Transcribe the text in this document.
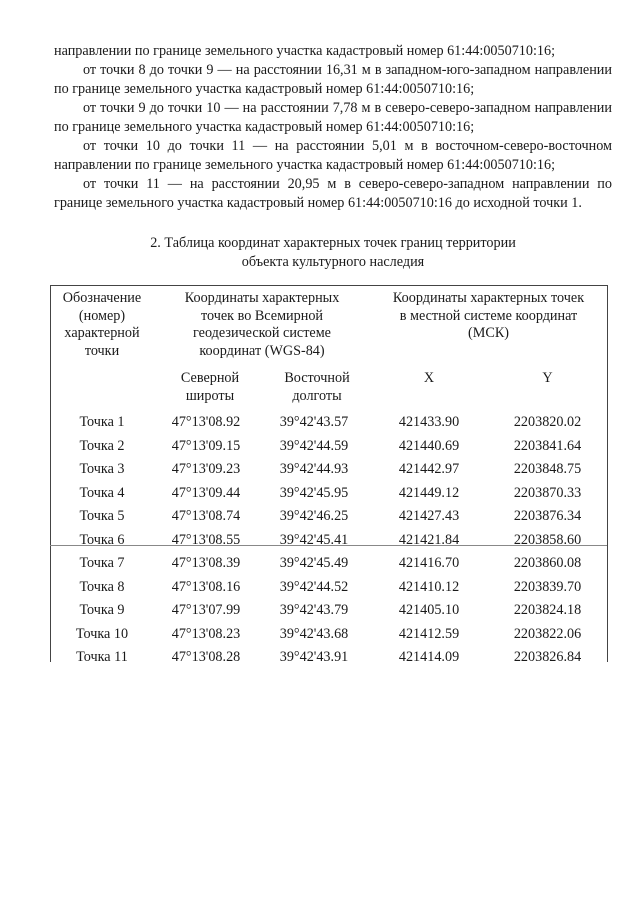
направлении по границе земельного участка кадастровый номер 61:44:0050710:16;

от точки 8 до точки 9 — на расстоянии 16,31 м в западном-юго-западном направлении по границе земельного участка кадастровый номер 61:44:0050710:16;

от точки 9 до точки 10 — на расстоянии 7,78 м в северо-северо-западном направлении по границе земельного участка кадастровый номер 61:44:0050710:16;

от точки 10 до точки 11 — на расстоянии 5,01 м в восточном-северо-восточном направлении по границе земельного участка кадастровый номер 61:44:0050710:16;

от точки 11 — на расстоянии 20,95 м в северо-северо-западном направлении по границе земельного участка кадастровый номер 61:44:0050710:16 до исходной точки 1.

2. Таблица координат характерных точек границ территории
объекта культурного наследия
Обозначение (номер) характерной точки	Координаты характерных точек во Всемирной геодезической системе координат (WGS-84)		Координаты характерных точек в местной системе координат (МСК)	
	Северной широты	Восточной долготы	X	Y
Точка 1	47°13'08.92	39°42'43.57	421433.90	2203820.02
Точка 2	47°13'09.15	39°42'44.59	421440.69	2203841.64
Точка 3	47°13'09.23	39°42'44.93	421442.97	2203848.75
Точка 4	47°13'09.44	39°42'45.95	421449.12	2203870.33
Точка 5	47°13'08.74	39°42'46.25	421427.43	2203876.34
Точка 6	47°13'08.55	39°42'45.41	421421.84	2203858.60
Точка 7	47°13'08.39	39°42'45.49	421416.70	2203860.08
Точка 8	47°13'08.16	39°42'44.52	421410.12	2203839.70
Точка 9	47°13'07.99	39°42'43.79	421405.10	2203824.18
Точка 10	47°13'08.23	39°42'43.68	421412.59	2203822.06
Точка 11	47°13'08.28	39°42'43.91	421414.09	2203826.84
